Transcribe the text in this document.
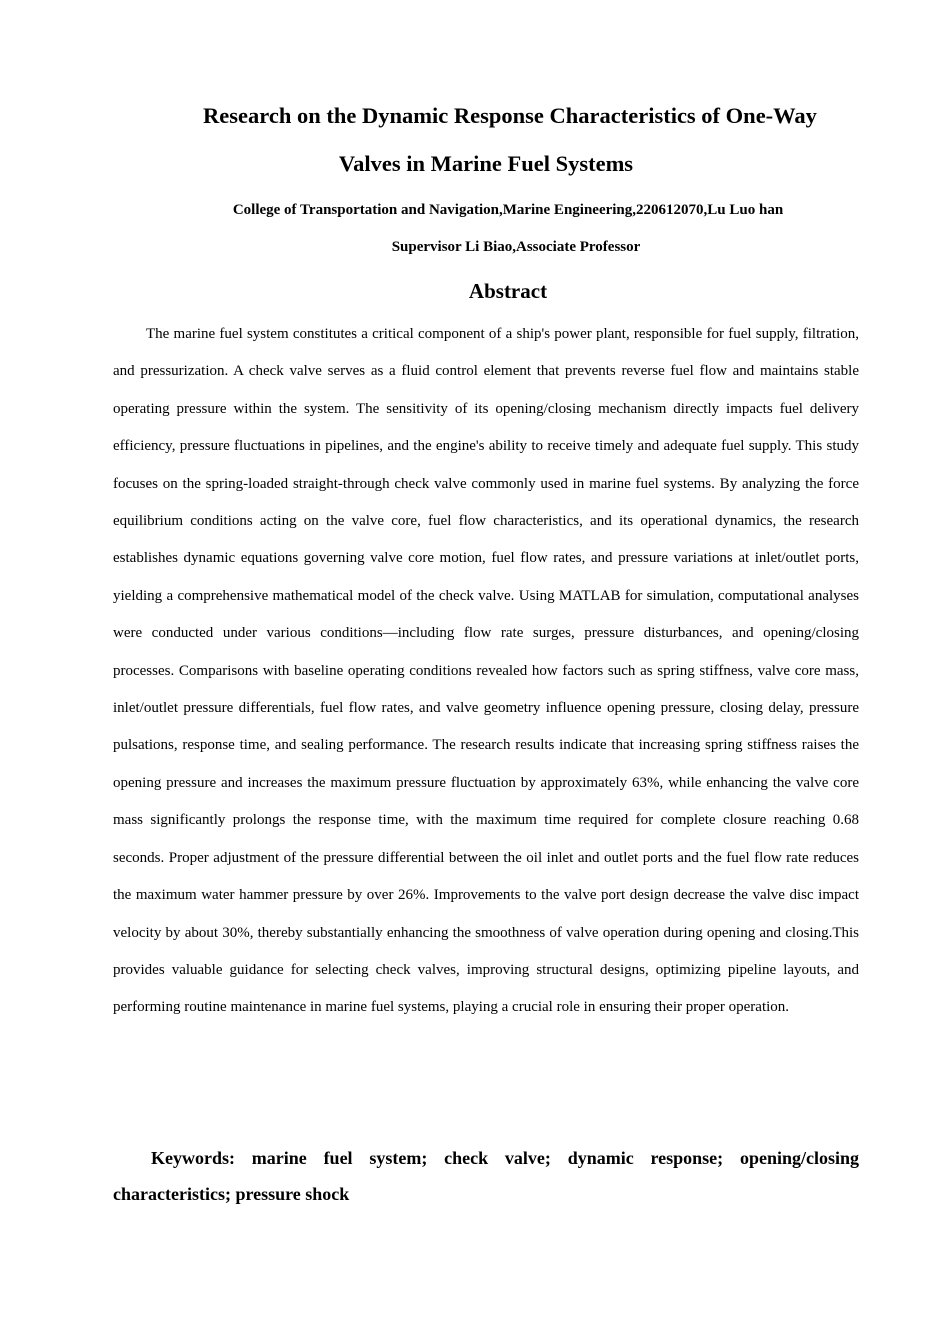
Research on the Dynamic Response Characteristics of One-Way
Valves in Marine Fuel Systems

College of Transportation and Navigation,Marine Engineering,220612070,Lu Luo han

Supervisor Li Biao,Associate Professor

Abstract

The marine fuel system constitutes a critical component of a ship's power plant, responsible for fuel supply, filtration, and pressurization. A check valve serves as a fluid control element that prevents reverse fuel flow and maintains stable operating pressure within the system. The sensitivity of its opening/closing mechanism directly impacts fuel delivery efficiency, pressure fluctuations in pipelines, and the engine's ability to receive timely and adequate fuel supply. This study focuses on the spring-loaded straight-through check valve commonly used in marine fuel systems. By analyzing the force equilibrium conditions acting on the valve core, fuel flow characteristics, and its operational dynamics, the research establishes dynamic equations governing valve core motion, fuel flow rates, and pressure variations at inlet/outlet ports, yielding a comprehensive mathematical model of the check valve. Using MATLAB for simulation, computational analyses were conducted under various conditions—including flow rate surges, pressure disturbances, and opening/closing processes. Comparisons with baseline operating conditions revealed how factors such as spring stiffness, valve core mass, inlet/outlet pressure differentials, fuel flow rates, and valve geometry influence opening pressure, closing delay, pressure pulsations, response time, and sealing performance. The research results indicate that increasing spring stiffness raises the opening pressure and increases the maximum pressure fluctuation by approximately 63%, while enhancing the valve core mass significantly prolongs the response time, with the maximum time required for complete closure reaching 0.68 seconds. Proper adjustment of the pressure differential between the oil inlet and outlet ports and the fuel flow rate reduces the maximum water hammer pressure by over 26%. Improvements to the valve port design decrease the valve disc impact velocity by about 30%, thereby substantially enhancing the smoothness of valve operation during opening and closing.This provides valuable guidance for selecting check valves, improving structural designs, optimizing pipeline layouts, and performing routine maintenance in marine fuel systems, playing a crucial role in ensuring their proper operation.

Keywords: marine fuel system; check valve; dynamic response; opening/closing characteristics; pressure shock
